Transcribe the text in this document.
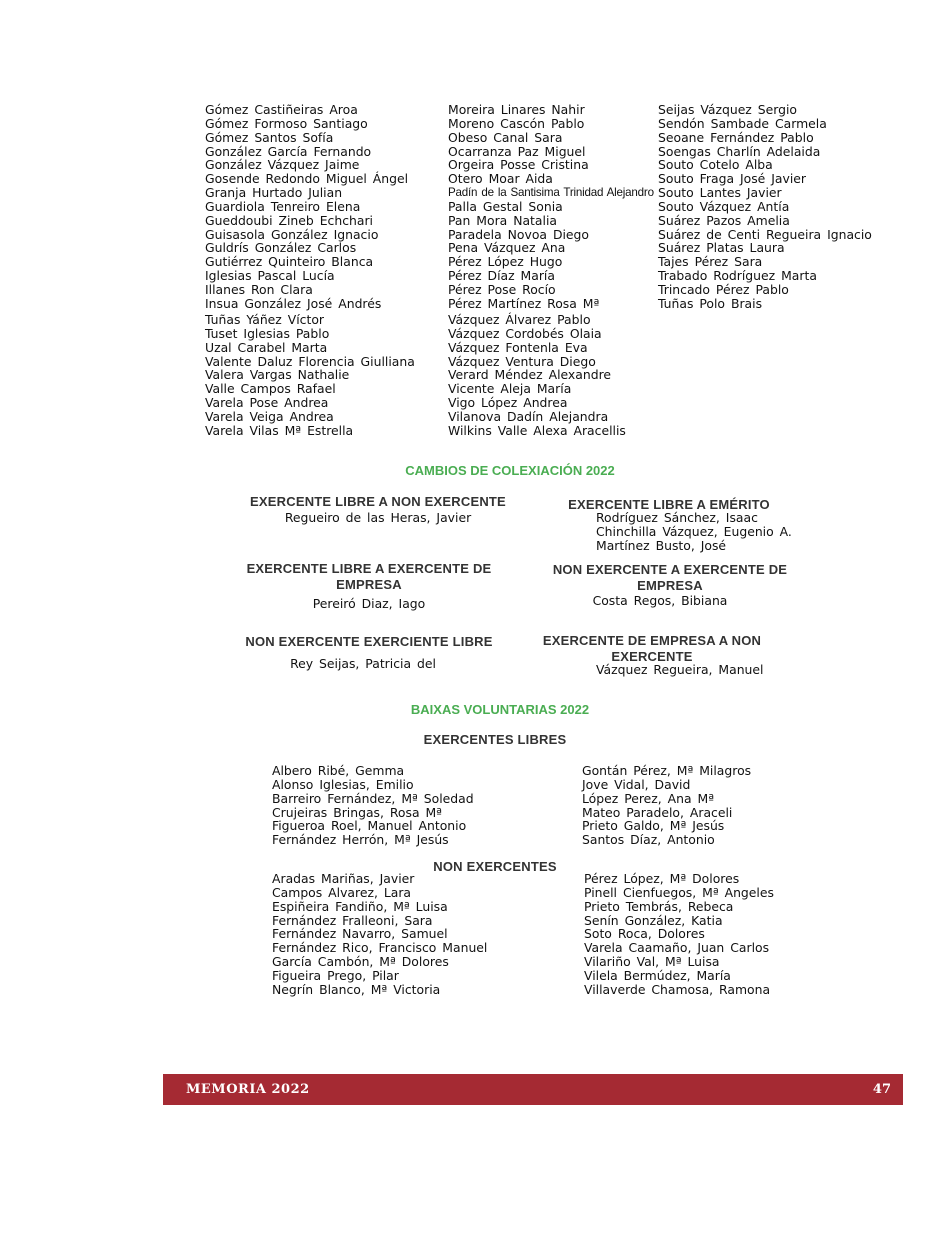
Gómez Castiñeiras Aroa
Gómez Formoso Santiago
Gómez Santos Sofía
González García Fernando
González Vázquez Jaime
Gosende Redondo Miguel Ángel
Granja Hurtado Julian
Guardiola Tenreiro Elena
Gueddoubi Zineb Echchari
Guisasola González Ignacio
Guldrís González Carlos
Gutiérrez Quinteiro Blanca
Iglesias Pascal Lucía
Illanes Ron Clara
Insua González José Andrés
Moreira Linares Nahir
Moreno Cascón Pablo
Obeso Canal Sara
Ocarranza Paz Miguel
Orgeira Posse Cristina
Otero Moar Aida
Padín de la Santisima Trinidad Alejandro
Palla Gestal Sonia
Pan Mora Natalia
Paradela Novoa Diego
Pena Vázquez Ana
Pérez López Hugo
Pérez Díaz María
Pérez Pose Rocío
Pérez Martínez Rosa Mª
Seijas Vázquez Sergio
Sendón Sambade Carmela
Seoane Fernández Pablo
Soengas Charlín Adelaida
Souto Cotelo Alba
Souto Fraga José Javier
Souto Lantes Javier
Souto Vázquez Antía
Suárez Pazos Amelia
Suárez de Centi Regueira Ignacio
Suárez Platas Laura
Tajes Pérez Sara
Trabado Rodríguez Marta
Trincado Pérez Pablo
Tuñas Polo Brais
Tuñas Yáñez Víctor
Tuset Iglesias Pablo
Uzal Carabel Marta
Valente Daluz Florencia Giulliana
Valera Vargas Nathalie
Valle Campos Rafael
Varela Pose Andrea
Varela Veiga Andrea
Varela Vilas Mª Estrella
Vázquez Álvarez Pablo
Vázquez Cordobés Olaia
Vázquez Fontenla Eva
Vázquez Ventura Diego
Verard Méndez Alexandre
Vicente Aleja María
Vigo López Andrea
Vilanova Dadín Alejandra
Wilkins Valle Alexa Aracellis
CAMBIOS DE COLEXIACIÓN 2022
EXERCENTE LIBRE A NON EXERCENTE
Regueiro de las Heras, Javier
EXERCENTE LIBRE A EMÉRITO
Rodríguez Sánchez, Isaac
Chinchilla Vázquez, Eugenio A.
Martínez Busto, José
EXERCENTE LIBRE A EXERCENTE DE
EMPRESA
Pereiró Diaz, Iago
NON EXERCENTE A EXERCENTE DE
EMPRESA
Costa Regos, Bibiana
NON EXERCENTE EXERCIENTE LIBRE
Rey Seijas, Patricia del
EXERCENTE DE EMPRESA A NON
EXERCENTE
Vázquez Regueira, Manuel
BAIXAS VOLUNTARIAS 2022
EXERCENTES LIBRES
Albero Ribé, Gemma
Alonso Iglesias, Emilio
Barreiro Fernández, Mª Soledad
Crujeiras Bringas, Rosa Mª
Figueroa Roel, Manuel Antonio
Fernández Herrón, Mª Jesús
Gontán Pérez, Mª Milagros
Jove Vidal, David
López Perez, Ana Mª
Mateo Paradelo, Araceli
Prieto Galdo, Mª Jesús
Santos Díaz, Antonio
NON EXERCENTES
Aradas Mariñas, Javier
Campos Alvarez, Lara
Espiñeira Fandiño, Mª Luisa
Fernández Fralleoni, Sara
Fernández Navarro, Samuel
Fernández Rico, Francisco Manuel
García Cambón, Mª Dolores
Figueira Prego, Pilar
Negrín Blanco, Mª Victoria
Pérez López, Mª Dolores
Pinell Cienfuegos, Mª Angeles
Prieto Tembrás, Rebeca
Senín González, Katia
Soto Roca, Dolores
Varela Caamaño, Juan Carlos
Vilariño Val, Mª Luisa
Vilela Bermúdez, María
Villaverde Chamosa, Ramona
MEMORIA 2022	47
